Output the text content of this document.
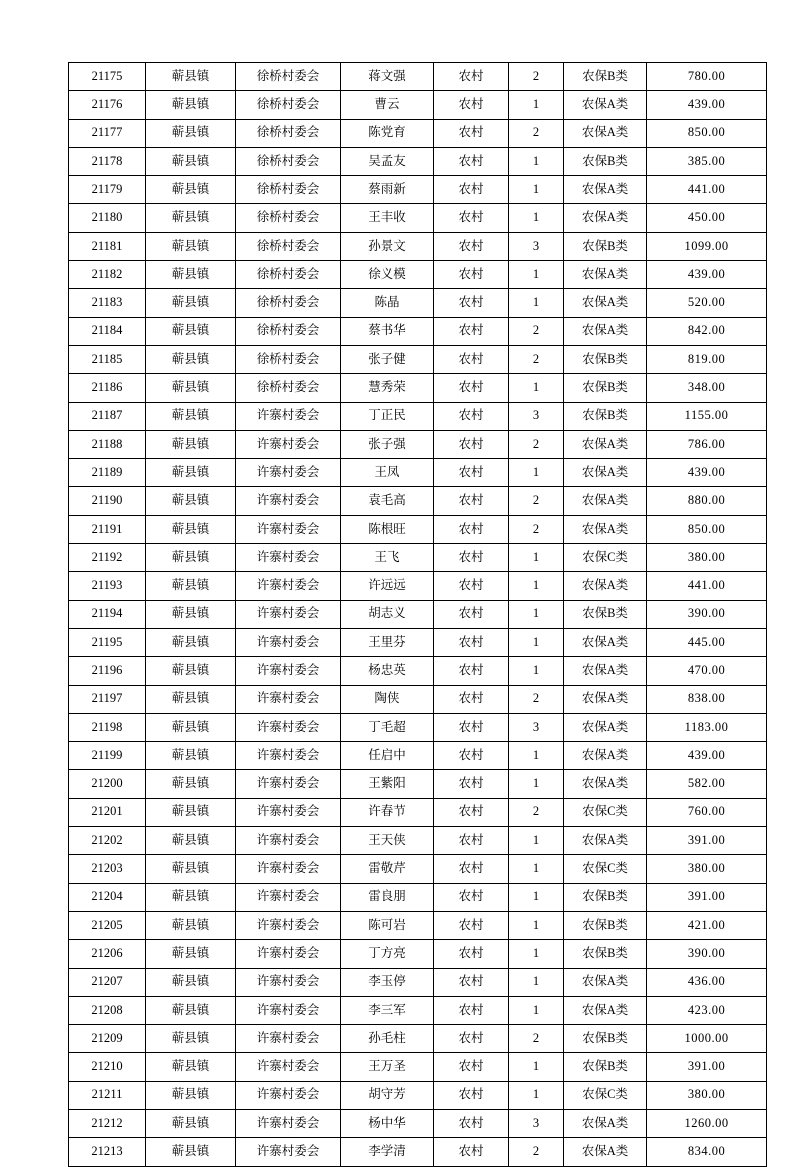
21175	蕲县镇	徐桥村委会	蒋文强	农村	2	农保B类	780.00
21176	蕲县镇	徐桥村委会	曹云	农村	1	农保A类	439.00
21177	蕲县镇	徐桥村委会	陈党育	农村	2	农保A类	850.00
21178	蕲县镇	徐桥村委会	吴孟友	农村	1	农保B类	385.00
21179	蕲县镇	徐桥村委会	蔡雨新	农村	1	农保A类	441.00
21180	蕲县镇	徐桥村委会	王丰收	农村	1	农保A类	450.00
21181	蕲县镇	徐桥村委会	孙景文	农村	3	农保B类	1099.00
21182	蕲县镇	徐桥村委会	徐义模	农村	1	农保A类	439.00
21183	蕲县镇	徐桥村委会	陈晶	农村	1	农保A类	520.00
21184	蕲县镇	徐桥村委会	蔡书华	农村	2	农保A类	842.00
21185	蕲县镇	徐桥村委会	张子健	农村	2	农保B类	819.00
21186	蕲县镇	徐桥村委会	慧秀荣	农村	1	农保B类	348.00
21187	蕲县镇	许寨村委会	丁正民	农村	3	农保B类	1155.00
21188	蕲县镇	许寨村委会	张子强	农村	2	农保A类	786.00
21189	蕲县镇	许寨村委会	王凤	农村	1	农保A类	439.00
21190	蕲县镇	许寨村委会	袁毛高	农村	2	农保A类	880.00
21191	蕲县镇	许寨村委会	陈根旺	农村	2	农保A类	850.00
21192	蕲县镇	许寨村委会	王飞	农村	1	农保C类	380.00
21193	蕲县镇	许寨村委会	许远远	农村	1	农保A类	441.00
21194	蕲县镇	许寨村委会	胡志义	农村	1	农保B类	390.00
21195	蕲县镇	许寨村委会	王里芬	农村	1	农保A类	445.00
21196	蕲县镇	许寨村委会	杨忠英	农村	1	农保A类	470.00
21197	蕲县镇	许寨村委会	陶侠	农村	2	农保A类	838.00
21198	蕲县镇	许寨村委会	丁毛超	农村	3	农保A类	1183.00
21199	蕲县镇	许寨村委会	任启中	农村	1	农保A类	439.00
21200	蕲县镇	许寨村委会	王紫阳	农村	1	农保A类	582.00
21201	蕲县镇	许寨村委会	许春节	农村	2	农保C类	760.00
21202	蕲县镇	许寨村委会	王天侠	农村	1	农保A类	391.00
21203	蕲县镇	许寨村委会	雷敬芹	农村	1	农保C类	380.00
21204	蕲县镇	许寨村委会	雷良朋	农村	1	农保B类	391.00
21205	蕲县镇	许寨村委会	陈可岩	农村	1	农保B类	421.00
21206	蕲县镇	许寨村委会	丁方亮	农村	1	农保B类	390.00
21207	蕲县镇	许寨村委会	李玉停	农村	1	农保A类	436.00
21208	蕲县镇	许寨村委会	李三军	农村	1	农保A类	423.00
21209	蕲县镇	许寨村委会	孙毛柱	农村	2	农保B类	1000.00
21210	蕲县镇	许寨村委会	王万圣	农村	1	农保B类	391.00
21211	蕲县镇	许寨村委会	胡守芳	农村	1	农保C类	380.00
21212	蕲县镇	许寨村委会	杨中华	农村	3	农保A类	1260.00
21213	蕲县镇	许寨村委会	李学清	农村	2	农保A类	834.00
